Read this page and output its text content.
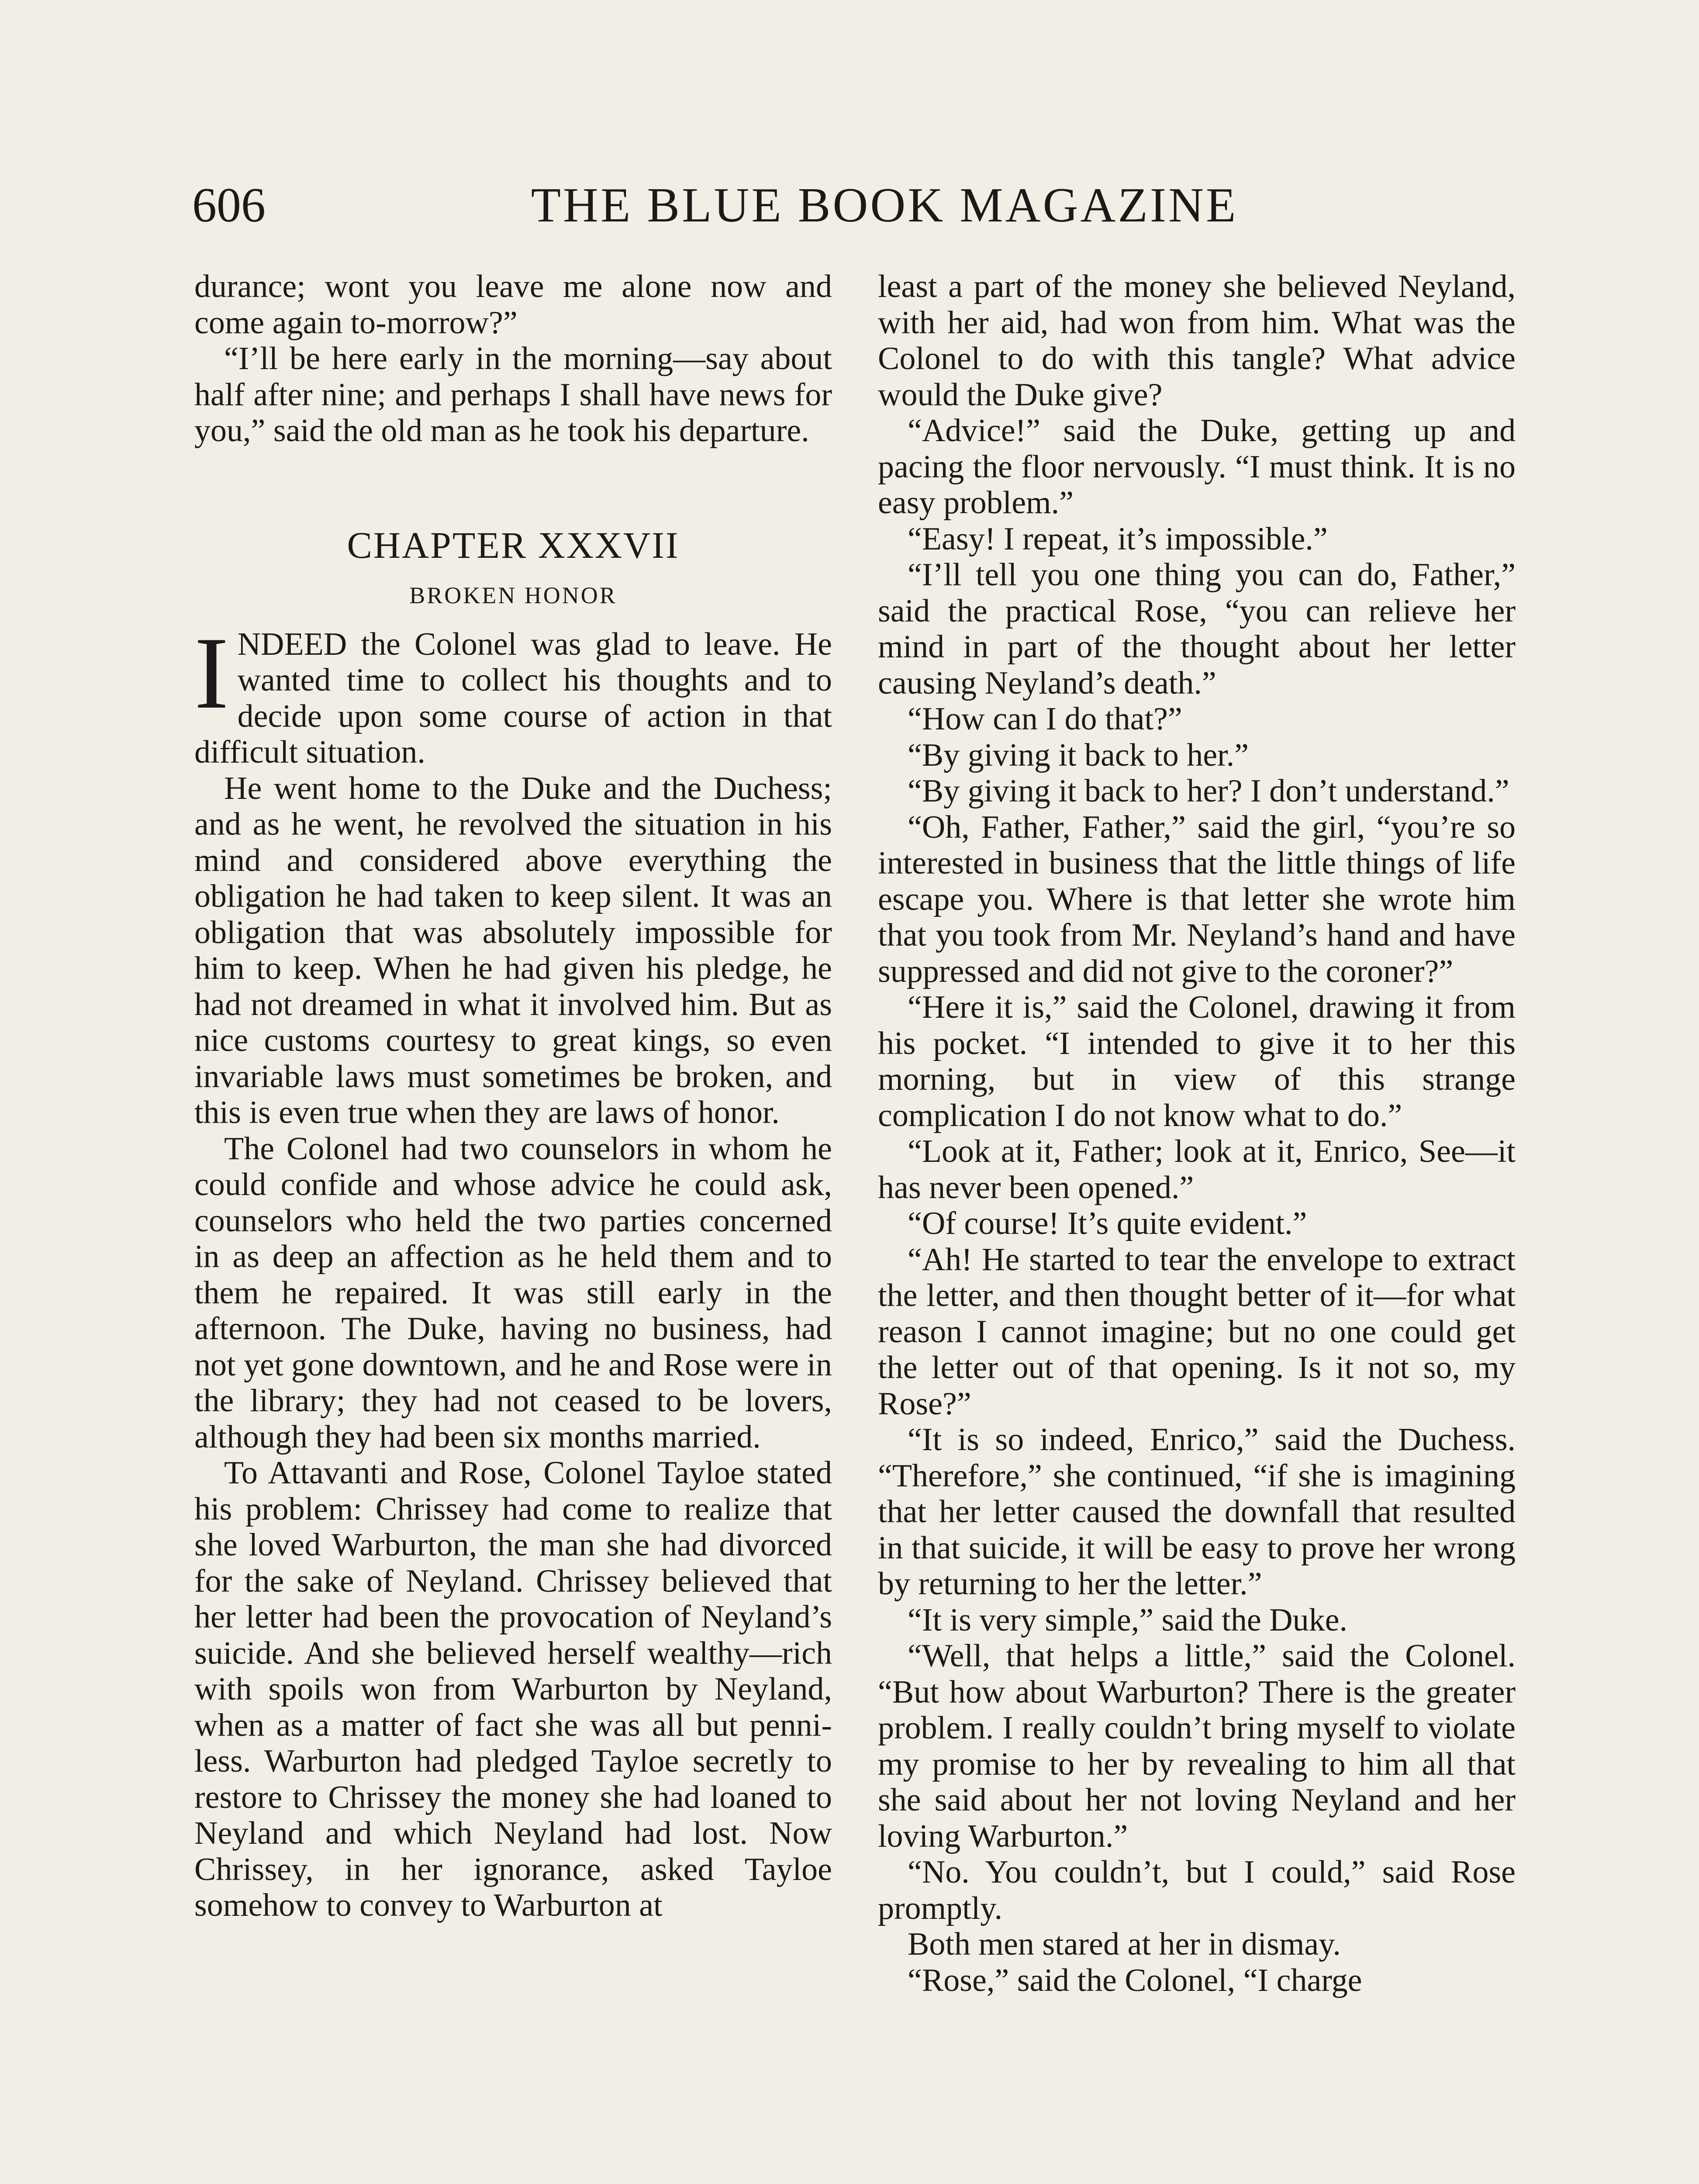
606	THE BLUE BOOK MAGAZINE

durance; wont you leave me alone now and come again to-morrow?”

“I’ll be here early in the morning—say about half after nine; and perhaps I shall have news for you,” said the old man as he took his departure.

CHAPTER XXXVII
BROKEN HONOR
I NDEED the Colonel was glad to leave. He wanted time to collect his thoughts and to decide upon some course of action in that difficult situation.

He went home to the Duke and the Duchess; and as he went, he revolved the situation in his mind and considered above everything the obligation he had taken to keep silent. It was an obligation that was absolutely impossible for him to keep. When he had given his pledge, he had not dreamed in what it involved him. But as nice customs courtesy to great kings, so even invariable laws must sometimes be broken, and this is even true when they are laws of honor.

The Colonel had two counselors in whom he could confide and whose advice he could ask, counselors who held the two parties concerned in as deep an affection as he held them and to them he repaired. It was still early in the afternoon. The Duke, having no business, had not yet gone downtown, and he and Rose were in the library; they had not ceased to be lovers, although they had been six months married.

To Attavanti and Rose, Colonel Tayloe stated his problem: Chrissey had come to realize that she loved Warburton, the man she had divorced for the sake of Neyland. Chrissey believed that her letter had been the provocation of Neyland’s suicide. And she believed herself wealthy—rich with spoils won from Warburton by Neyland, when as a matter of fact she was all but penniless. Warburton had pledged Tayloe secretly to restore to Chrissey the money she had loaned to Neyland and which Neyland had lost. Now Chrissey, in her ignorance, asked Tayloe somehow to convey to Warburton at

least a part of the money she believed Neyland, with her aid, had won from him. What was the Colonel to do with this tangle? What advice would the Duke give?

“Advice!” said the Duke, getting up and pacing the floor nervously. “I must think. It is no easy problem.”

“Easy! I repeat, it’s impossible.”

“I’ll tell you one thing you can do, Father,” said the practical Rose, “you can relieve her mind in part of the thought about her letter causing Neyland’s death.”

“How can I do that?”

“By giving it back to her.”

“By giving it back to her? I don’t understand.”

“Oh, Father, Father,” said the girl, “you’re so interested in business that the little things of life escape you. Where is that letter she wrote him that you took from Mr. Neyland’s hand and have suppressed and did not give to the coroner?”

“Here it is,” said the Colonel, drawing it from his pocket. “I intended to give it to her this morning, but in view of this strange complication I do not know what to do.”

“Look at it, Father; look at it, Enrico, See—it has never been opened.”

“Of course! It’s quite evident.”

“Ah! He started to tear the envelope to extract the letter, and then thought better of it—for what reason I cannot imagine; but no one could get the letter out of that opening. Is it not so, my Rose?”

“It is so indeed, Enrico,” said the Duchess. “Therefore,” she continued, “if she is imagining that her letter caused the downfall that resulted in that suicide, it will be easy to prove her wrong by returning to her the letter.”

“It is very simple,” said the Duke.

“Well, that helps a little,” said the Colonel. “But how about Warburton? There is the greater problem. I really couldn’t bring myself to violate my promise to her by revealing to him all that she said about her not loving Neyland and her loving Warburton.”

“No. You couldn’t, but I could,” said Rose promptly.

Both men stared at her in dismay.

“Rose,” said the Colonel, “I charge
